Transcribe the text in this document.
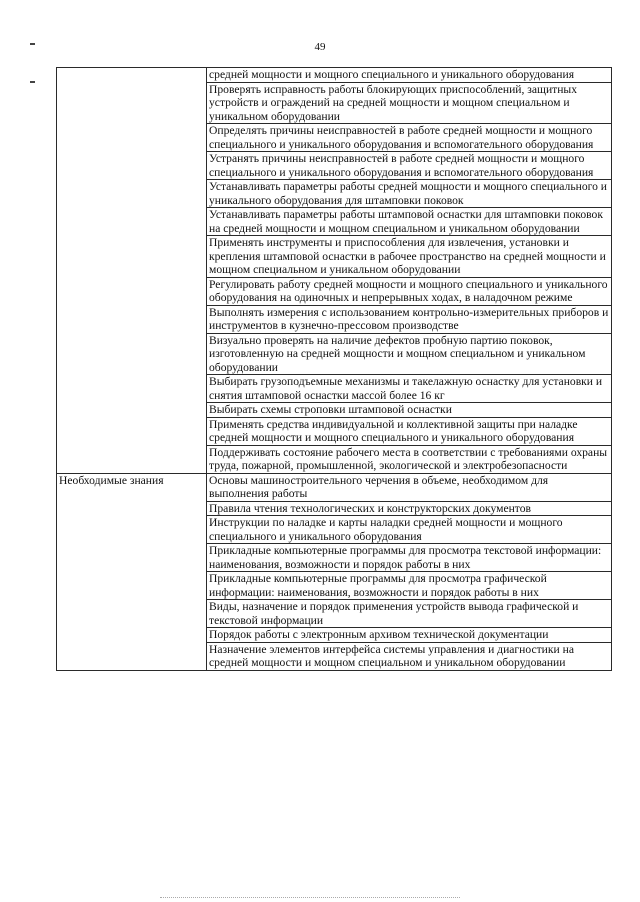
49
	средней мощности и мощного специального и уникального оборудования
	Проверять исправность работы блокирующих приспособлений, защитных устройств и ограждений на средней мощности и мощном специальном и уникальном оборудовании
	Определять причины неисправностей в работе средней мощности и мощного специального и уникального оборудования и вспомогательного оборудования
	Устранять причины неисправностей в работе средней мощности и мощного специального и уникального оборудования и вспомогательного оборудования
	Устанавливать параметры работы средней мощности и мощного специального и уникального оборудования для штамповки поковок
	Устанавливать параметры работы штамповой оснастки для штамповки поковок на средней мощности и мощном специальном и уникальном оборудовании
	Применять инструменты и приспособления для извлечения, установки и крепления штамповой оснастки в рабочее пространство на средней мощности и мощном специальном и уникальном оборудовании
	Регулировать работу средней мощности и мощного специального и уникального оборудования на одиночных и непрерывных ходах, в наладочном режиме
	Выполнять измерения с использованием контрольно-измерительных приборов и инструментов в кузнечно-прессовом производстве
	Визуально проверять на наличие дефектов пробную партию поковок, изготовленную на средней мощности и мощном специальном и уникальном оборудовании
	Выбирать грузоподъемные механизмы и такелажную оснастку для установки и снятия штамповой оснастки массой более 16 кг
	Выбирать схемы строповки штамповой оснастки
	Применять средства индивидуальной и коллективной защиты при наладке средней мощности и мощного специального и уникального оборудования
	Поддерживать состояние рабочего места в соответствии с требованиями охраны труда, пожарной, промышленной, экологической и электробезопасности
Необходимые знания	Основы машиностроительного черчения в объеме, необходимом для выполнения работы
	Правила чтения технологических и конструкторских документов
	Инструкции по наладке и карты наладки средней мощности и мощного специального и уникального оборудования
	Прикладные компьютерные программы для просмотра текстовой информации: наименования, возможности и порядок работы в них
	Прикладные компьютерные программы для просмотра графической информации: наименования, возможности и порядок работы в них
	Виды, назначение и порядок применения устройств вывода графической и текстовой информации
	Порядок работы с электронным архивом технической документации
	Назначение элементов интерфейса системы управления и диагностики на средней мощности и мощном специальном и уникальном оборудовании
